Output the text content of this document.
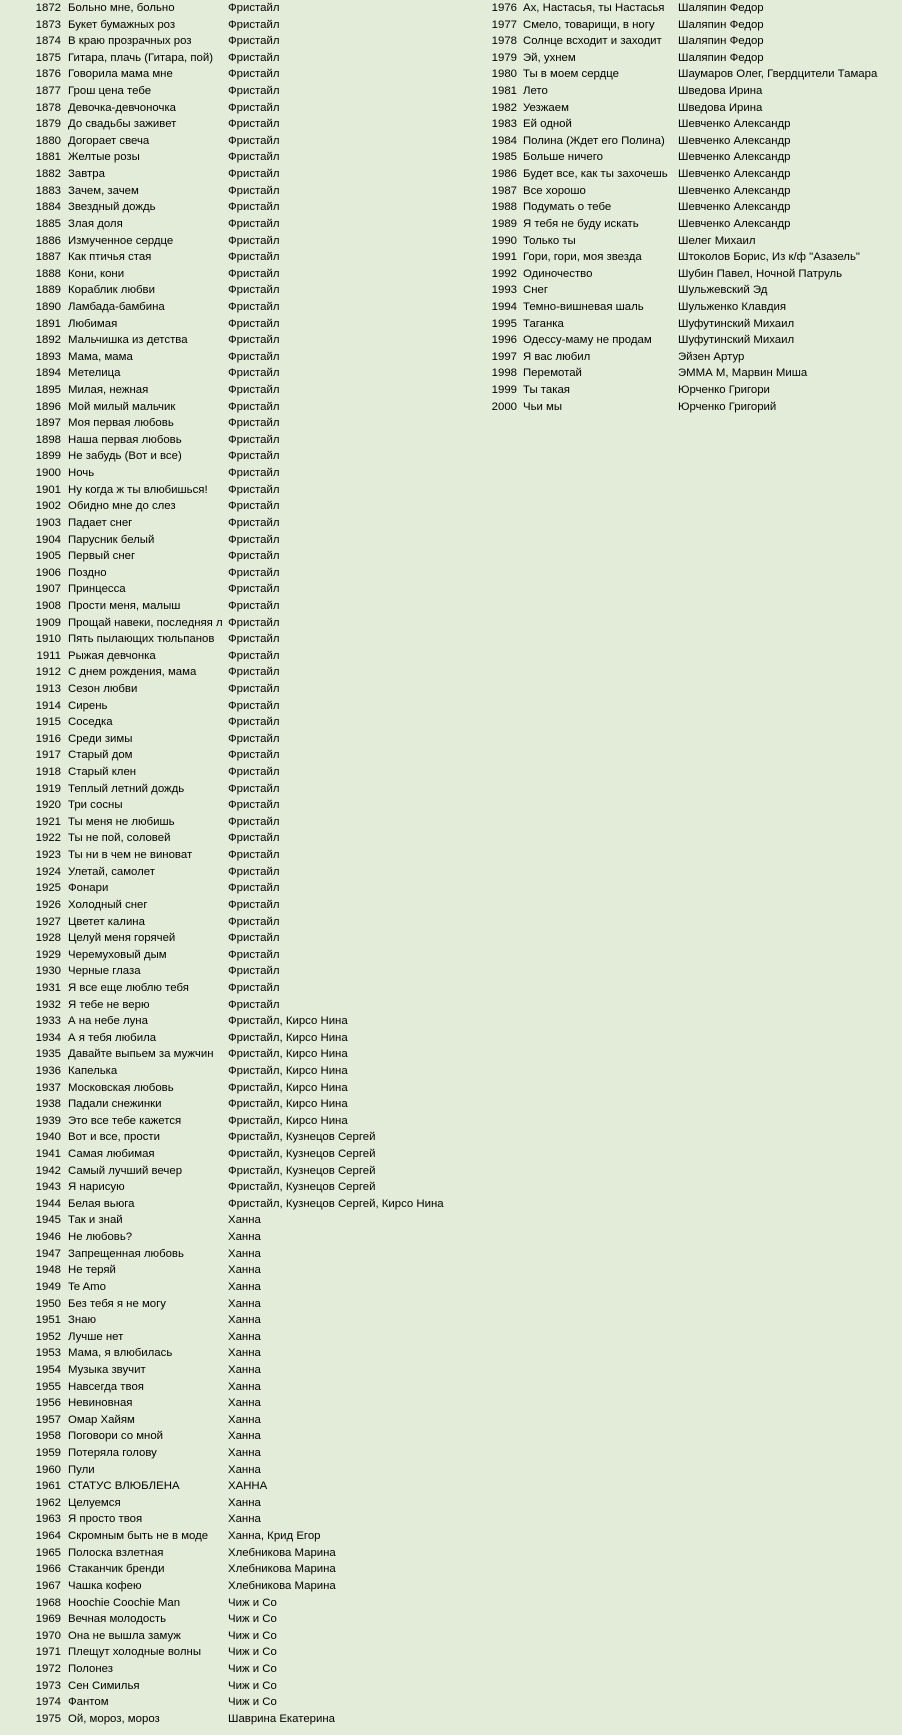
1872 Больно мне, больно	Фристайл
1873 Букет бумажных роз	Фристайл
1874 В краю прозрачных роз	Фристайл
1875 Гитара, плачь (Гитара, пой)	Фристайл
1876 Говорила мама мне	Фристайл
1877 Грош цена тебе	Фристайл
1878 Девочка-девчоночка	Фристайл
1879 До свадьбы заживет	Фристайл
1880 Догорает свеча	Фристайл
1881 Желтые розы	Фристайл
1882 Завтра	Фристайл
1883 Зачем, зачем	Фристайл
1884 Звездный дождь	Фристайл
1885 Злая доля	Фристайл
1886 Измученное сердце	Фристайл
1887 Как птичья стая	Фристайл
1888 Кони, кони	Фристайл
1889 Кораблик любви	Фристайл
1890 Ламбада-бамбина	Фристайл
1891 Любимая	Фристайл
1892 Мальчишка из детства	Фристайл
1893 Мама, мама	Фристайл
1894 Метелица	Фристайл
1895 Милая, нежная	Фристайл
1896 Мой милый мальчик	Фристайл
1897 Моя первая любовь	Фристайл
1898 Наша первая любовь	Фристайл
1899 Не забудь (Вот и все)	Фристайл
1900 Ночь	Фристайл
1901 Ну когда ж ты влюбишься!	Фристайл
1902 Обидно мне до слез	Фристайл
1903 Падает снег	Фристайл
1904 Парусник белый	Фристайл
1905 Первый снег	Фристайл
1906 Поздно	Фристайл
1907 Принцесса	Фристайл
1908 Прости меня, малыш	Фристайл
1909 Прощай навеки, последняя л Фристайл
1910 Пять пылающих тюльпанов	Фристайл
1911 Рыжая девчонка	Фристайл
1912 С днем рождения, мама	Фристайл
1913 Сезон любви	Фристайл
1914 Сирень	Фристайл
1915 Соседка	Фристайл
1916 Среди зимы	Фристайл
1917 Старый дом	Фристайл
1918 Старый клен	Фристайл
1919 Теплый летний дождь	Фристайл
1920 Три сосны	Фристайл
1921 Ты меня не любишь	Фристайл
1922 Ты не пой, соловей	Фристайл
1923 Ты ни в чем не виноват	Фристайл
1924 Улетай, самолет	Фристайл
1925 Фонари	Фристайл
1926 Холодный снег	Фристайл
1927 Цветет калина	Фристайл
1928 Целуй меня горячей	Фристайл
1929 Черемуховый дым	Фристайл
1930 Черные глаза	Фристайл
1931 Я все еще люблю тебя	Фристайл
1932 Я тебе не верю	Фристайл
1933 А на небе луна	Фристайл, Кирсо Нина
1934 А я тебя любила	Фристайл, Кирсо Нина
1935 Давайте выпьем за мужчин	Фристайл, Кирсо Нина
1936 Капелька	Фристайл, Кирсо Нина
1937 Московская любовь	Фристайл, Кирсо Нина
1938 Падали снежинки	Фристайл, Кирсо Нина
1939 Это все тебе кажется	Фристайл, Кирсо Нина
1940 Вот и все, прости	Фристайл, Кузнецов Сергей
1941 Самая любимая	Фристайл, Кузнецов Сергей
1942 Самый лучший вечер	Фристайл, Кузнецов Сергей
1943 Я нарисую	Фристайл, Кузнецов Сергей
1944 Белая вьюга	Фристайл, Кузнецов Сергей, Кирсо Нина
1945 Так и знай	Ханна
1946 Не любовь?	Ханна
1947 Запрещенная любовь	Ханна
1948 Не теряй	Ханна
1949 Te Amo	Ханна
1950 Без тебя я не могу	Ханна
1951 Знаю	Ханна
1952 Лучше нет	Ханна
1953 Мама, я влюбилась	Ханна
1954 Музыка звучит	Ханна
1955 Навсегда твоя	Ханна
1956 Невиновная	Ханна
1957 Омар Хайям	Ханна
1958 Поговори со мной	Ханна
1959 Потеряла голову	Ханна
1960 Пули	Ханна
1961 СТАТУС ВЛЮБЛЕНА	ХАННА
1962 Целуемся	Ханна
1963 Я просто твоя	Ханна
1964 Скромным быть не в моде	Ханна, Крид Егор
1965 Полоска взлетная	Хлебникова Марина
1966 Стаканчик бренди	Хлебникова Марина
1967 Чашка кофею	Хлебникова Марина
1968 Hoochie Coochie Man	Чиж и Co
1969 Вечная молодость	Чиж и Co
1970 Она не вышла замуж	Чиж и Co
1971 Плещут холодные волны	Чиж и Co
1972 Полонез	Чиж и Co
1973 Сен Симилья	Чиж и Co
1974 Фантом	Чиж и Co
1975 Ой, мороз, мороз	Шаврина Екатерина
1976 Ах, Настасья, ты Настасья	Шаляпин Федор
1977 Смело, товарищи, в ногу	Шаляпин Федор
1978 Солнце всходит и заходит	Шаляпин Федор
1979 Эй, ухнем	Шаляпин Федор
1980 Ты в моем сердце	Шаумаров Олег, Гвердцители Тамара
1981 Лето	Шведова Ирина
1982 Уезжаем	Шведова Ирина
1983 Ей одной	Шевченко Александр
1984 Полина (Ждет его Полина)	Шевченко Александр
1985 Больше ничего	Шевченко Александр
1986 Будет все, как ты захочешь Шевченко Александр
1987 Все хорошо	Шевченко Александр
1988 Подумать о тебе	Шевченко Александр
1989 Я тебя не буду искать	Шевченко Александр
1990 Только ты	Шелег Михаил
1991 Гори, гори, моя звезда	Штоколов Борис, Из к/ф "Азазель"
1992 Одиночество	Шубин Павел, Ночной Патруль
1993 Снег	Шульжевский Эд
1994 Темно-вишневая шаль	Шульженко Клавдия
1995 Таганка	Шуфутинский Михаил
1996 Одессу-маму не продам	Шуфутинский Михаил
1997 Я вас любил	Эйзен Артур
1998 Перемотай	ЭММА М, Марвин Миша
1999 Ты такая	Юрченко Григори
2000 Чьи мы	Юрченко Григорий
